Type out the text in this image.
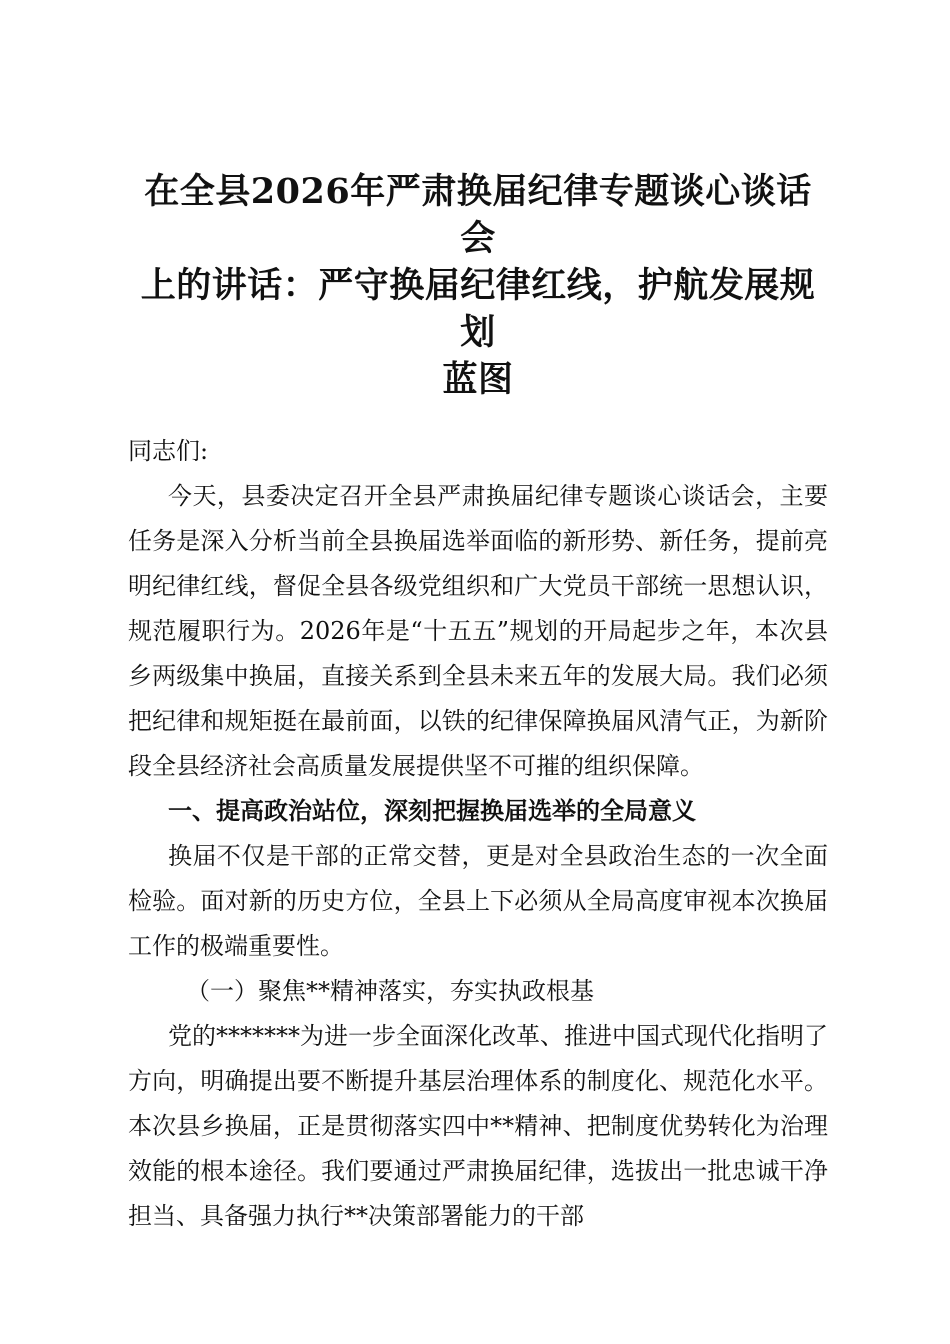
在全县2026年严肃换届纪律专题谈心谈话会
上的讲话：严守换届纪律红线，护航发展规划
蓝图

同志们:

今天，县委决定召开全县严肃换届纪律专题谈心谈话会，主要任务是深入分析当前全县换届选举面临的新形势、新任务，提前亮明纪律红线，督促全县各级党组织和广大党员干部统一思想认识，规范履职行为。2026年是“十五五”规划的开局起步之年，本次县乡两级集中换届，直接关系到全县未来五年的发展大局。我们必须把纪律和规矩挺在最前面，以铁的纪律保障换届风清气正，为新阶段全县经济社会高质量发展提供坚不可摧的组织保障。

一、提高政治站位，深刻把握换届选举的全局意义

换届不仅是干部的正常交替，更是对全县政治生态的一次全面检验。面对新的历史方位，全县上下必须从全局高度审视本次换届工作的极端重要性。

（一）聚焦**精神落实，夯实执政根基

党的*******为进一步全面深化改革、推进中国式现代化指明了方向，明确提出要不断提升基层治理体系的制度化、规范化水平。本次县乡换届，正是贯彻落实四中**精神、把制度优势转化为治理效能的根本途径。我们要通过严肃换届纪律，选拔出一批忠诚干净担当、具备强力执行**决策部署能力的干部
